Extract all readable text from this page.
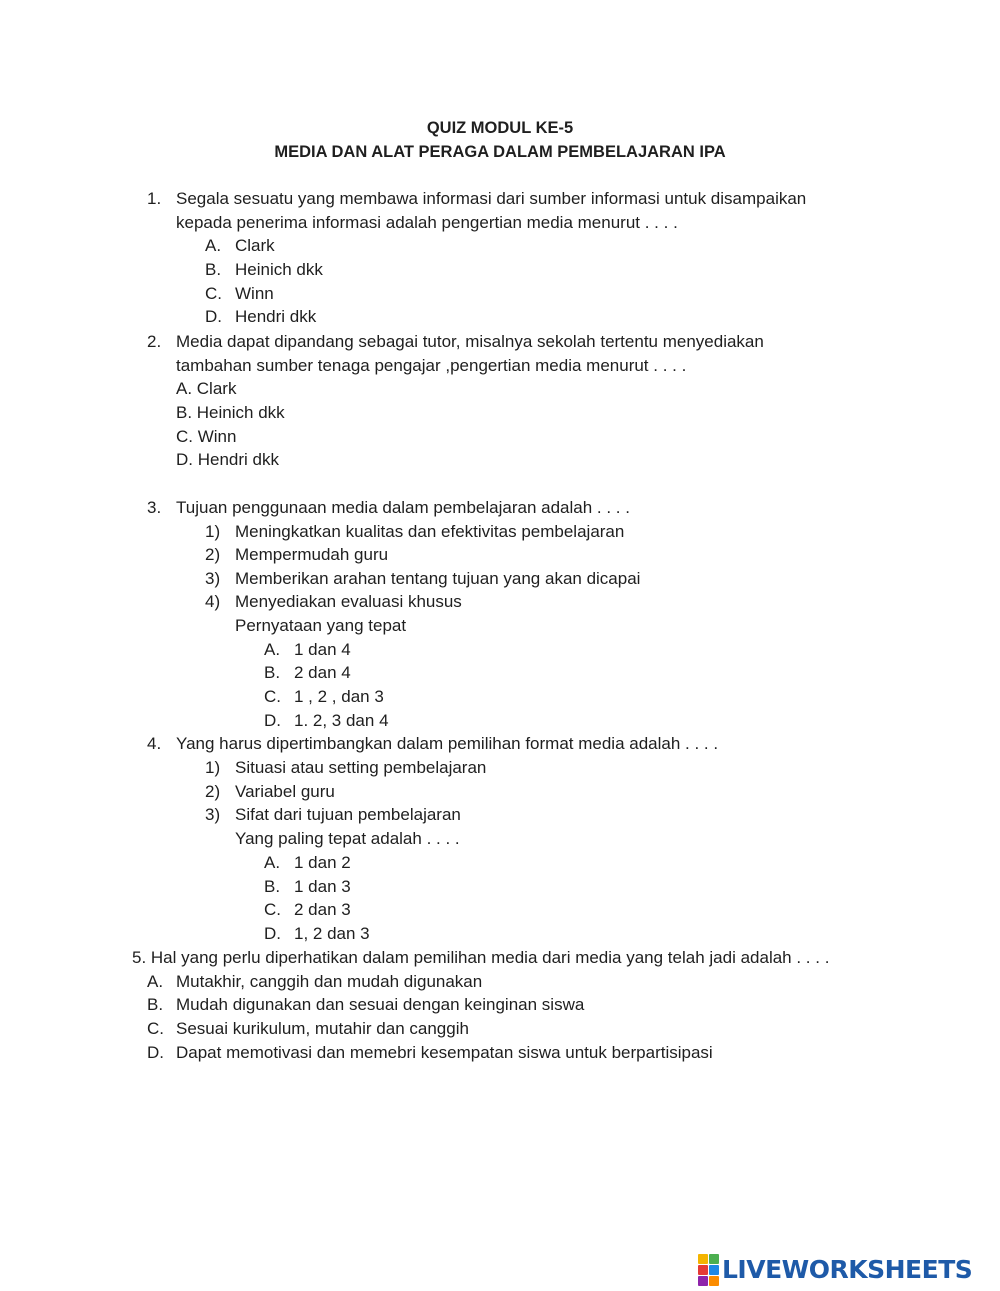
QUIZ MODUL KE-5
MEDIA DAN ALAT PERAGA DALAM PEMBELAJARAN IPA
1. Segala sesuatu yang membawa informasi dari sumber informasi untuk disampaikan
kepada penerima informasi adalah pengertian media menurut . . . .
A. Clark
B. Heinich dkk
C. Winn
D. Hendri dkk
2. Media dapat dipandang sebagai tutor, misalnya sekolah tertentu menyediakan
tambahan sumber tenaga pengajar ,pengertian media menurut . . . .
A. Clark
B. Heinich dkk
C. Winn
D. Hendri dkk
3. Tujuan penggunaan media dalam pembelajaran adalah . . . .
1) Meningkatkan kualitas dan efektivitas pembelajaran
2) Mempermudah guru
3) Memberikan arahan tentang tujuan yang akan dicapai
4) Menyediakan evaluasi khusus
Pernyataan yang tepat
A. 1 dan 4
B. 2 dan 4
C. 1 , 2 , dan 3
D. 1. 2, 3 dan 4
4. Yang harus dipertimbangkan dalam pemilihan format media adalah . . . .
1) Situasi atau setting pembelajaran
2) Variabel guru
3) Sifat dari tujuan pembelajaran
Yang paling tepat adalah . . . .
A. 1 dan 2
B. 1 dan 3
C. 2 dan 3
D. 1, 2 dan 3
5. Hal yang perlu diperhatikan dalam pemilihan media dari media yang telah jadi adalah . . . .
A. Mutakhir, canggih dan mudah digunakan
B. Mudah digunakan dan sesuai dengan keinginan siswa
C. Sesuai kurikulum, mutahir dan canggih
D. Dapat memotivasi dan memebri kesempatan siswa untuk berpartisipasi
LIVEWORKSHEETS
